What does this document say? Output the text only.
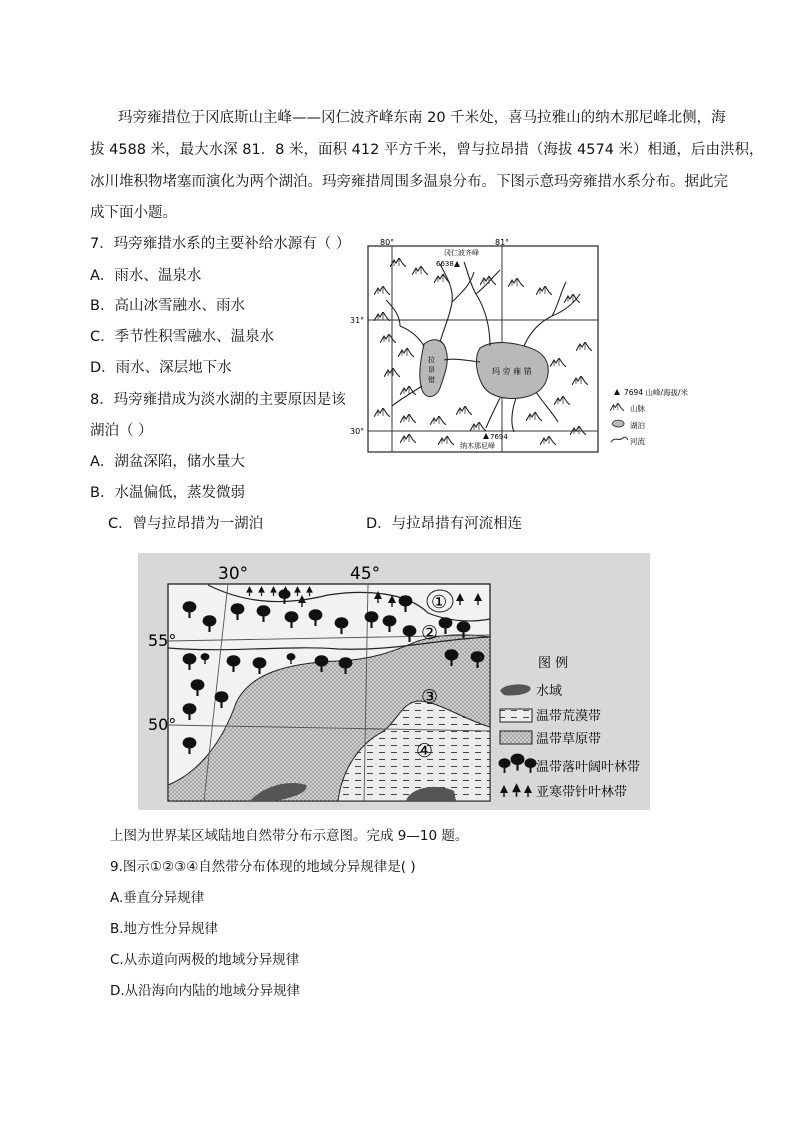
玛旁雍措位于冈底斯山主峰——冈仁波齐峰东南 20 千米处，喜马拉雅山的纳木那尼峰北侧，海
拔 4588 米，最大水深 81．8 米，面积 412 平方千米，曾与拉昂措（海拔 4574 米）相通，后由洪积，
冰川堆积物堵塞而演化为两个湖泊。玛旁雍措周围多温泉分布。下图示意玛旁雍措水系分布。据此完
成下面小题。
7．玛旁雍措水系的主要补给水源有（ ）
A．雨水、温泉水
B．高山冰雪融水、雨水
C．季节性积雪融水、温泉水
D．雨水、深层地下水
8．玛旁雍措成为淡水湖的主要原因是该
湖泊（ ）
A．湖盆深陷，储水量大
B．水温偏低，蒸发微弱
C．曾与拉昂措为一湖泊	D．与拉昂措有河流相连
80°	81°
31°
30°
拉
昂
错
玛 旁 雍 错
冈仁波齐峰
6638
7694
纳木那尼峰
7694 山峰/海拔/米
山脉
湖泊
河流
30°	45°
55°
50°
①
②
③
④
图 例
水域
温带荒漠带
温带草原带
温带落叶阔叶林带
亚寒带针叶林带
上图为世界某区域陆地自然带分布示意图。完成 9—10 题。
9.图示①②③④自然带分布体现的地域分异规律是( )
A.垂直分异规律
B.地方性分异规律
C.从赤道向两极的地域分异规律
D.从沿海向内陆的地域分异规律
